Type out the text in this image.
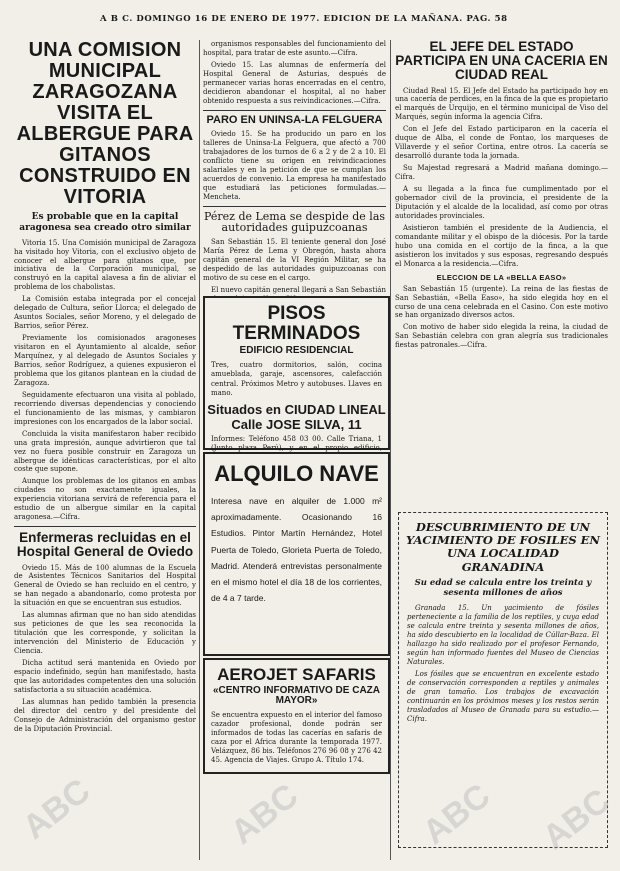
A B C. DOMINGO 16 DE ENERO DE 1977. EDICION DE LA MAÑANA. PAG. 58
UNA COMISION MUNICIPAL ZARAGOZANA VISITA EL ALBERGUE PARA GITANOS CONSTRUIDO EN VITORIA
Es probable que en la capital aragonesa sea creado otro similar

Vitoria 15. Una Comisión municipal de Zaragoza ha visitado hoy Vitoria, con el exclusivo objeto de conocer el albergue para gitanos que, por iniciativa de la Corporación municipal, se construyó en la capital alavesa a fin de aliviar el problema de los chabolistas.

La Comisión estaba integrada por el concejal delegado de Cultura, señor Llorca; el delegado de Asuntos Sociales, señor Moreno, y el delegado de Barrios, señor Pérez.

Previamente los comisionados aragoneses visitaron en el Ayuntamiento al alcalde, señor Marquínez, y al delegado de Asuntos Sociales y Barrios, señor Rodríguez, a quienes expusieron el problema que los gitanos plantean en la ciudad de Zaragoza.

Seguidamente efectuaron una visita al poblado, recorriendo diversas dependencias y conociendo el funcionamiento de las mismas, y cambiaron impresiones con los encargados de la labor social.

Concluida la visita manifestaron haber recibido una grata impresión, aunque advirtieron que tal vez no fuera posible construir en Zaragoza un albergue de idénticas características, por el alto coste que supone.

Aunque los problemas de los gitanos en ambas ciudades no son exactamente iguales, la experiencia vitoriana servirá de referencia para el estudio de un albergue similar en la capital aragonesa.—Cifra.

Enfermeras recluidas en el Hospital General de Oviedo

Oviedo 15. Más de 100 alumnas de la Escuela de Asistentes Técnicos Sanitarios del Hospital General de Oviedo se han recluido en el centro, y se han negado a abandonarlo, como protesta por la situación en que se encuentran sus estudios.

Las alumnas afirman que no han sido atendidas sus peticiones de que les sea reconocida la titulación que les corresponde, y solicitan la intervención del Ministerio de Educación y Ciencia.

Dicha actitud será mantenida en Oviedo por espacio indefinido, según han manifestado, hasta que las autoridades competentes den una solución satisfactoria a su situación académica.

Las alumnas han pedido también la presencia del director del centro y del presidente del Consejo de Administración del organismo gestor de la Diputación Provincial.

organismos responsables del funcionamiento del hospital, para tratar de este asunto.—Cifra.

Oviedo 15. Las alumnas de enfermería del Hospital General de Asturias, después de permanecer varias horas encerradas en el centro, decidieron abandonar el hospital, al no haber obtenido respuesta a sus reivindicaciones.—Cifra.

PARO EN UNINSA-LA FELGUERA

Oviedo 15. Se ha producido un paro en los talleres de Uninsa-La Felguera, que afectó a 700 trabajadores de los turnos de 6 a 2 y de 2 a 10. El conflicto tiene su origen en reivindicaciones salariales y en la petición de que se cumplan los acuerdos de convenio. La empresa ha manifestado que estudiará las peticiones formuladas.—Mencheta.

Pérez de Lema se despide de las autoridades guipuzcoanas

San Sebastián 15. El teniente general don José María Pérez de Lema y Obregón, hasta ahora capitán general de la VI Región Militar, se ha despedido de las autoridades guipuzcoanas con motivo de su cese en el cargo.

El nuevo capitán general llegará a San Sebastián

PISOS TERMINADOS
EDIFICIO RESIDENCIAL
Tres, cuatro dormitorios, salón, cocina amueblada, garaje, ascensores, calefacción central. Próximos Metro y autobuses. Llaves en mano.
Situados en CIUDAD LINEAL
Calle JOSE SILVA, 11
Informes: Teléfono 458 03 00. Calle Triana, 1 (Junto plaza Perú), y en el propio edificio,
ALQUILO NAVE
Interesa nave en alquiler de 1.000 m² aproximadamente. Ocasionando 16 Estudios. Pintor Martín Hernández, Hotel Puerta de Toledo, Glorieta Puerta de Toledo, Madrid. Atenderá entrevistas personalmente en el mismo hotel el día 18 de los corrientes, de 4 a 7 tarde.
AEROJET SAFARIS
«CENTRO INFORMATIVO DE CAZA MAYOR»
Se encuentra expuesto en el interior del famoso cazador profesional, donde podrán ser informados de todas las cacerías en safaris de caza por el Africa durante la temporada 1977. Velázquez, 86 bis. Teléfonos 276 96 08 y 276 42 45. Agencia de Viajes. Grupo A. Título 174.
EL JEFE DEL ESTADO PARTICIPA EN UNA CACERIA EN CIUDAD REAL

Ciudad Real 15. El Jefe del Estado ha participado hoy en una cacería de perdices, en la finca de la que es propietario el marqués de Urquijo, en el término municipal de Viso del Marqués, según informa la agencia Cifra.

Con el Jefe del Estado participaron en la cacería el duque de Alba, el conde de Fontao, los marqueses de Villaverde y el señor Cortina, entre otros. La cacería se desarrolló durante toda la jornada.

Su Majestad regresará a Madrid mañana domingo.—Cifra.

A su llegada a la finca fue cumplimentado por el gobernador civil de la provincia, el presidente de la Diputación y el alcalde de la localidad, así como por otras autoridades provinciales.

Asistieron también el presidente de la Audiencia, el comandante militar y el obispo de la diócesis. Por la tarde hubo una comida en el cortijo de la finca, a la que asistieron los invitados y sus esposas, regresando después el Monarca a la residencia.—Cifra.

ELECCION DE LA «BELLA EASO»

San Sebastián 15 (urgente). La reina de las fiestas de San Sebastián, «Bella Easo», ha sido elegida hoy en el curso de una cena celebrada en el Casino. Con este motivo se han organizado diversos actos.

Con motivo de haber sido elegida la reina, la ciudad de San Sebastián celebra con gran alegría sus tradicionales fiestas patronales.—Cifra.

DESCUBRIMIENTO DE UN YACIMIENTO DE FOSILES EN UNA LOCALIDAD GRANADINA
Su edad se calcula entre los treinta y sesenta millones de años

Granada 15. Un yacimiento de fósiles perteneciente a la familia de los reptiles, y cuya edad se calcula entre treinta y sesenta millones de años, ha sido descubierto en la localidad de Cúllar-Baza. El hallazgo ha sido realizado por el profesor Fernando, según han informado fuentes del Museo de Ciencias Naturales.

Los fósiles que se encuentran en excelente estado de conservación corresponden a reptiles y animales de gran tamaño. Los trabajos de excavación continuarán en los próximos meses y los restos serán trasladados al Museo de Granada para su estudio.—Cifra.

ABC	ABC	ABC ABC
